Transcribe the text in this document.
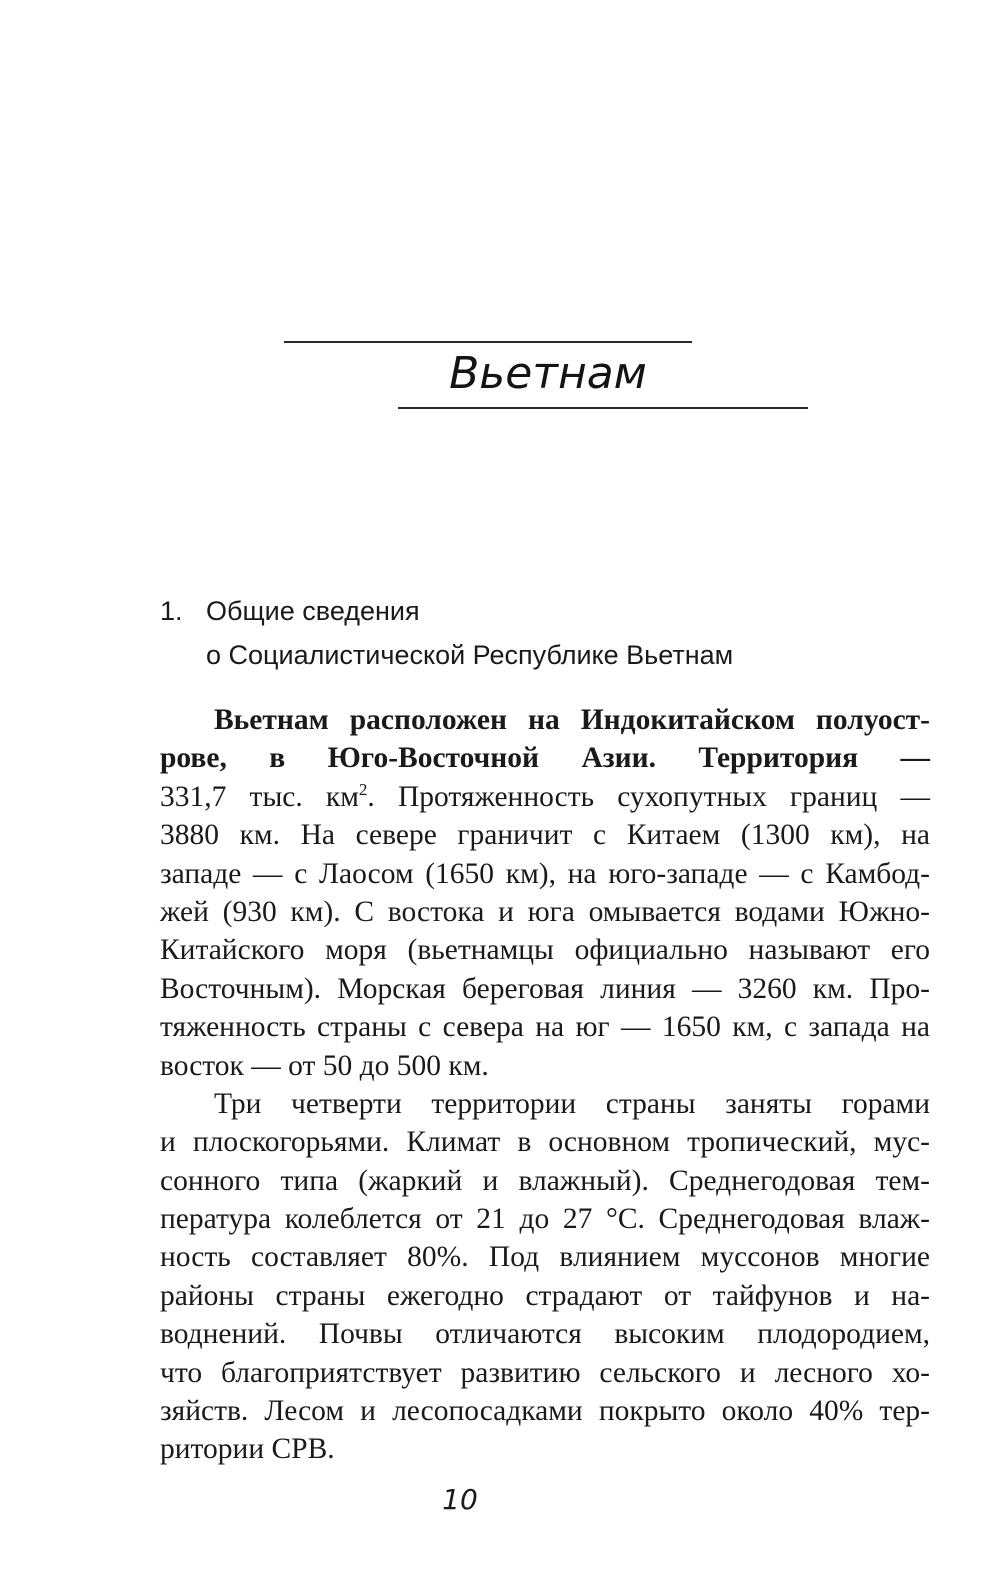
Вьетнам
1. Общие сведения
о Социалистической Республике Вьетнам
Вьетнам расположен на Индокитайском полуост-
рове, в Юго-Восточной Азии. Территория —
331,7 тыс. $км^2$. Протяженность сухопутных границ —
3880 км. На севере граничит с Китаем (1300 км), на
западе — с Лаосом (1650 км), на юго-западе — с Камбод-
жей (930 км). С востока и юга омывается водами Южно-
Китайского моря (вьетнамцы официально называют его
Восточным). Морская береговая линия — 3260 км. Про-
тяженность страны с севера на юг — 1650 км, с запада на
восток — от 50 до 500 км.
Три четверти территории страны заняты горами
и плоскогорьями. Климат в основном тропический, мус-
сонного типа (жаркий и влажный). Среднегодовая тем-
пература колеблется от 21 до 27 °С. Среднегодовая влаж-
ность составляет 80%. Под влиянием муссонов многие
районы страны ежегодно страдают от тайфунов и на-
воднений. Почвы отличаются высоким плодородием,
что благоприятствует развитию сельского и лесного хо-
зяйств. Лесом и лесопосадками покрыто около 40% тер-
ритории СРВ.
10
